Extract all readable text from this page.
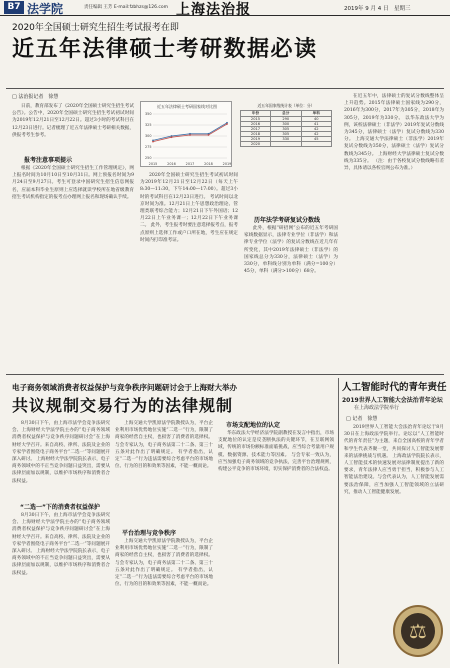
B7 法学院	责任编辑 王芳 E-mail:fzbhzs@126.com 上海法治报	2019年 9 月 4 日　星期三
2020年全国硕士研究生招生考试报考在即
近五年法律硕士考研数据必读
□ 法治报记者　徐慧

日前，教育部发布了《2020年全国硕士研究生招生考试公告》。公告中，2020年全国硕士研究生招生考试初试时间为2019年12月21日至12月22日。超过3小时的考试科目在12月23日进行。记者梳理了近五年法律硕士考研相关数据，供报考考生参考。

报考注意事项提示

根据《2020年全国硕士研究生招生工作管理规定》，网上报名时间为10月10日至10月31日。网上预报名时间为9月24日至9月27日。考生可登录中国研究生招生信息网报名，应届本科毕业生原则上应选择就读学校所在地省级教育招生考试机构指定的报考点办理网上报名和现场确认手续。

近五年法律硕士考研国家线对比图
250
275
300
325
350
2015	2016	2017	2018	2019
近五年国家线统计表（单位：分）
年份	总分	单科
2015	290	40
2016	300	41
2017	305	42
2018	305	42
2019	330	45
2020		

2020年全国硕士研究生招生考试初试时间为2019年12月21日至12月22日（每天上午8:30—11:30，下午14:00—17:00）。超过3小时的考试科目在12月23日进行。 考试时间以北京时间为准。12月21日上午思想政治理论、管理类联考综合能力；12月21日下午外国语；12月22日上午业务课一；12月22日下午业务课二。 此外，考生报考时要注意选择报考点，报考点原则上选择工作或户口所在地，考生应在规定时间内打印准考证。

历年法学考研复试分数线

此外，根据“研招网”公布的近五年考研国家线数据显示，法律专业学位（非法学）和法律专业学位（法学）的复试分数线在近几年有所变化，其中2019年法律硕士（非法学）的国家线总分为330分，法律硕士（法学）为330分，单科线分别为单科（满分=100分）45分，单科（满分>100分）68分。

在近五年中，法律硕士的复试分数线整体呈上升趋势。2015年法律硕士国家线为290分，2016年为300分，2017年为305分，2018年为305分，2019年为330分。 以华东政法大学为例，该校法律硕士（非法学）2019年复试分数线为345分，法律硕士（法学）复试分数线为330分。 上海交通大学法律硕士（非法学）2019年复试分数线为350分，法律硕士（法学）复试分数线为345分。 上海财经大学法律硕士复试分数线为335分。 （注：由于各校复试分数线略有差异，具体请以各校官网公布为准。）

电子商务领域消费者权益保护与竞争秩序问题研讨会于上海财大举办
共议规制交易行为的法律规制

8月30日下午，由上海市法学会竞争法研究会、上海财经大学法学院主办的“电子商务领域消费者权益保护与竞争秩序问题研讨会”在上海财经大学召开。来自高校、律所、法院及企业的专家学者围绕电子商务平台“二选一”等问题展开深入研讨。 上海财经大学法学院院长表示，电子商务领域中的不正当竞争问题日益突出，需要从法律层面加以规制，以维护市场秩序和消费者合法权益。

“二选一”下的消费者权益保护

8月30日下午，由上海市法学会竞争法研究会、上海财经大学法学院主办的“电子商务领域消费者权益保护与竞争秩序问题研讨会”在上海财经大学召开。来自高校、律所、法院及企业的专家学者围绕电子商务平台“二选一”等问题展开深入研讨。 上海财经大学法学院院长表示，电子商务领域中的不正当竞争问题日益突出，需要从法律层面加以规制，以维护市场秩序和消费者合法权益。

上海交通大学凯原法学院教授认为，平台企业利用市场优势地位实施“二选一”行为，限制了商家的经营自主权，也损害了消费者的选择权。与会专家认为，电子商务法第二十二条、第三十五条对此作出了明确规定。 有学者指出，认定“二选一”行为违法需要综合考虑平台的市场地位、行为的目的和效果等因素，不能一概而论。

平台治理与竞争秩序

上海交通大学凯原法学院教授认为，平台企业利用市场优势地位实施“二选一”行为，限制了商家的经营自主权，也损害了消费者的选择权。与会专家认为，电子商务法第二十二条、第三十五条对此作出了明确规定。 有学者指出，认定“二选一”行为违法需要综合考虑平台的市场地位、行为的目的和效果等因素，不能一概而论。

市场支配地位的认定

华东政法大学经济法学院副教授在发言中指出，市场支配地位的认定是反垄断执法的关键环节，在互联网领域，传统的市场份额标准面临挑战，应当综合考量用户规模、数据资源、技术能力等因素。 与会专家一致认为，应当加强电子商务领域的竞争执法，完善平台治理规则，构建公平竞争的市场环境，切实保护消费者的合法权益。

人工智能时代的青年责任
2019世界人工智能大会法治青年论坛
在上海政法学院举行
□ 记者　徐慧

2019世界人工智能大会法治青年论坛于8月30日在上海政法学院举行。论坛以“人工智能时代的青年责任”为主题，来自全国高校的青年学者和学生代表齐聚一堂，共同探讨人工智能发展带来的法律挑战与机遇。 上海政法学院院长表示，人工智能技术的快速发展对法律制度提出了新的要求，青年法律人应当勇于担当，积极参与人工智能法治建设。与会代表认为，人工智能发展需要法治保障，应当加强人工智能领域的立法研究，推动人工智能健康发展。

⚖
